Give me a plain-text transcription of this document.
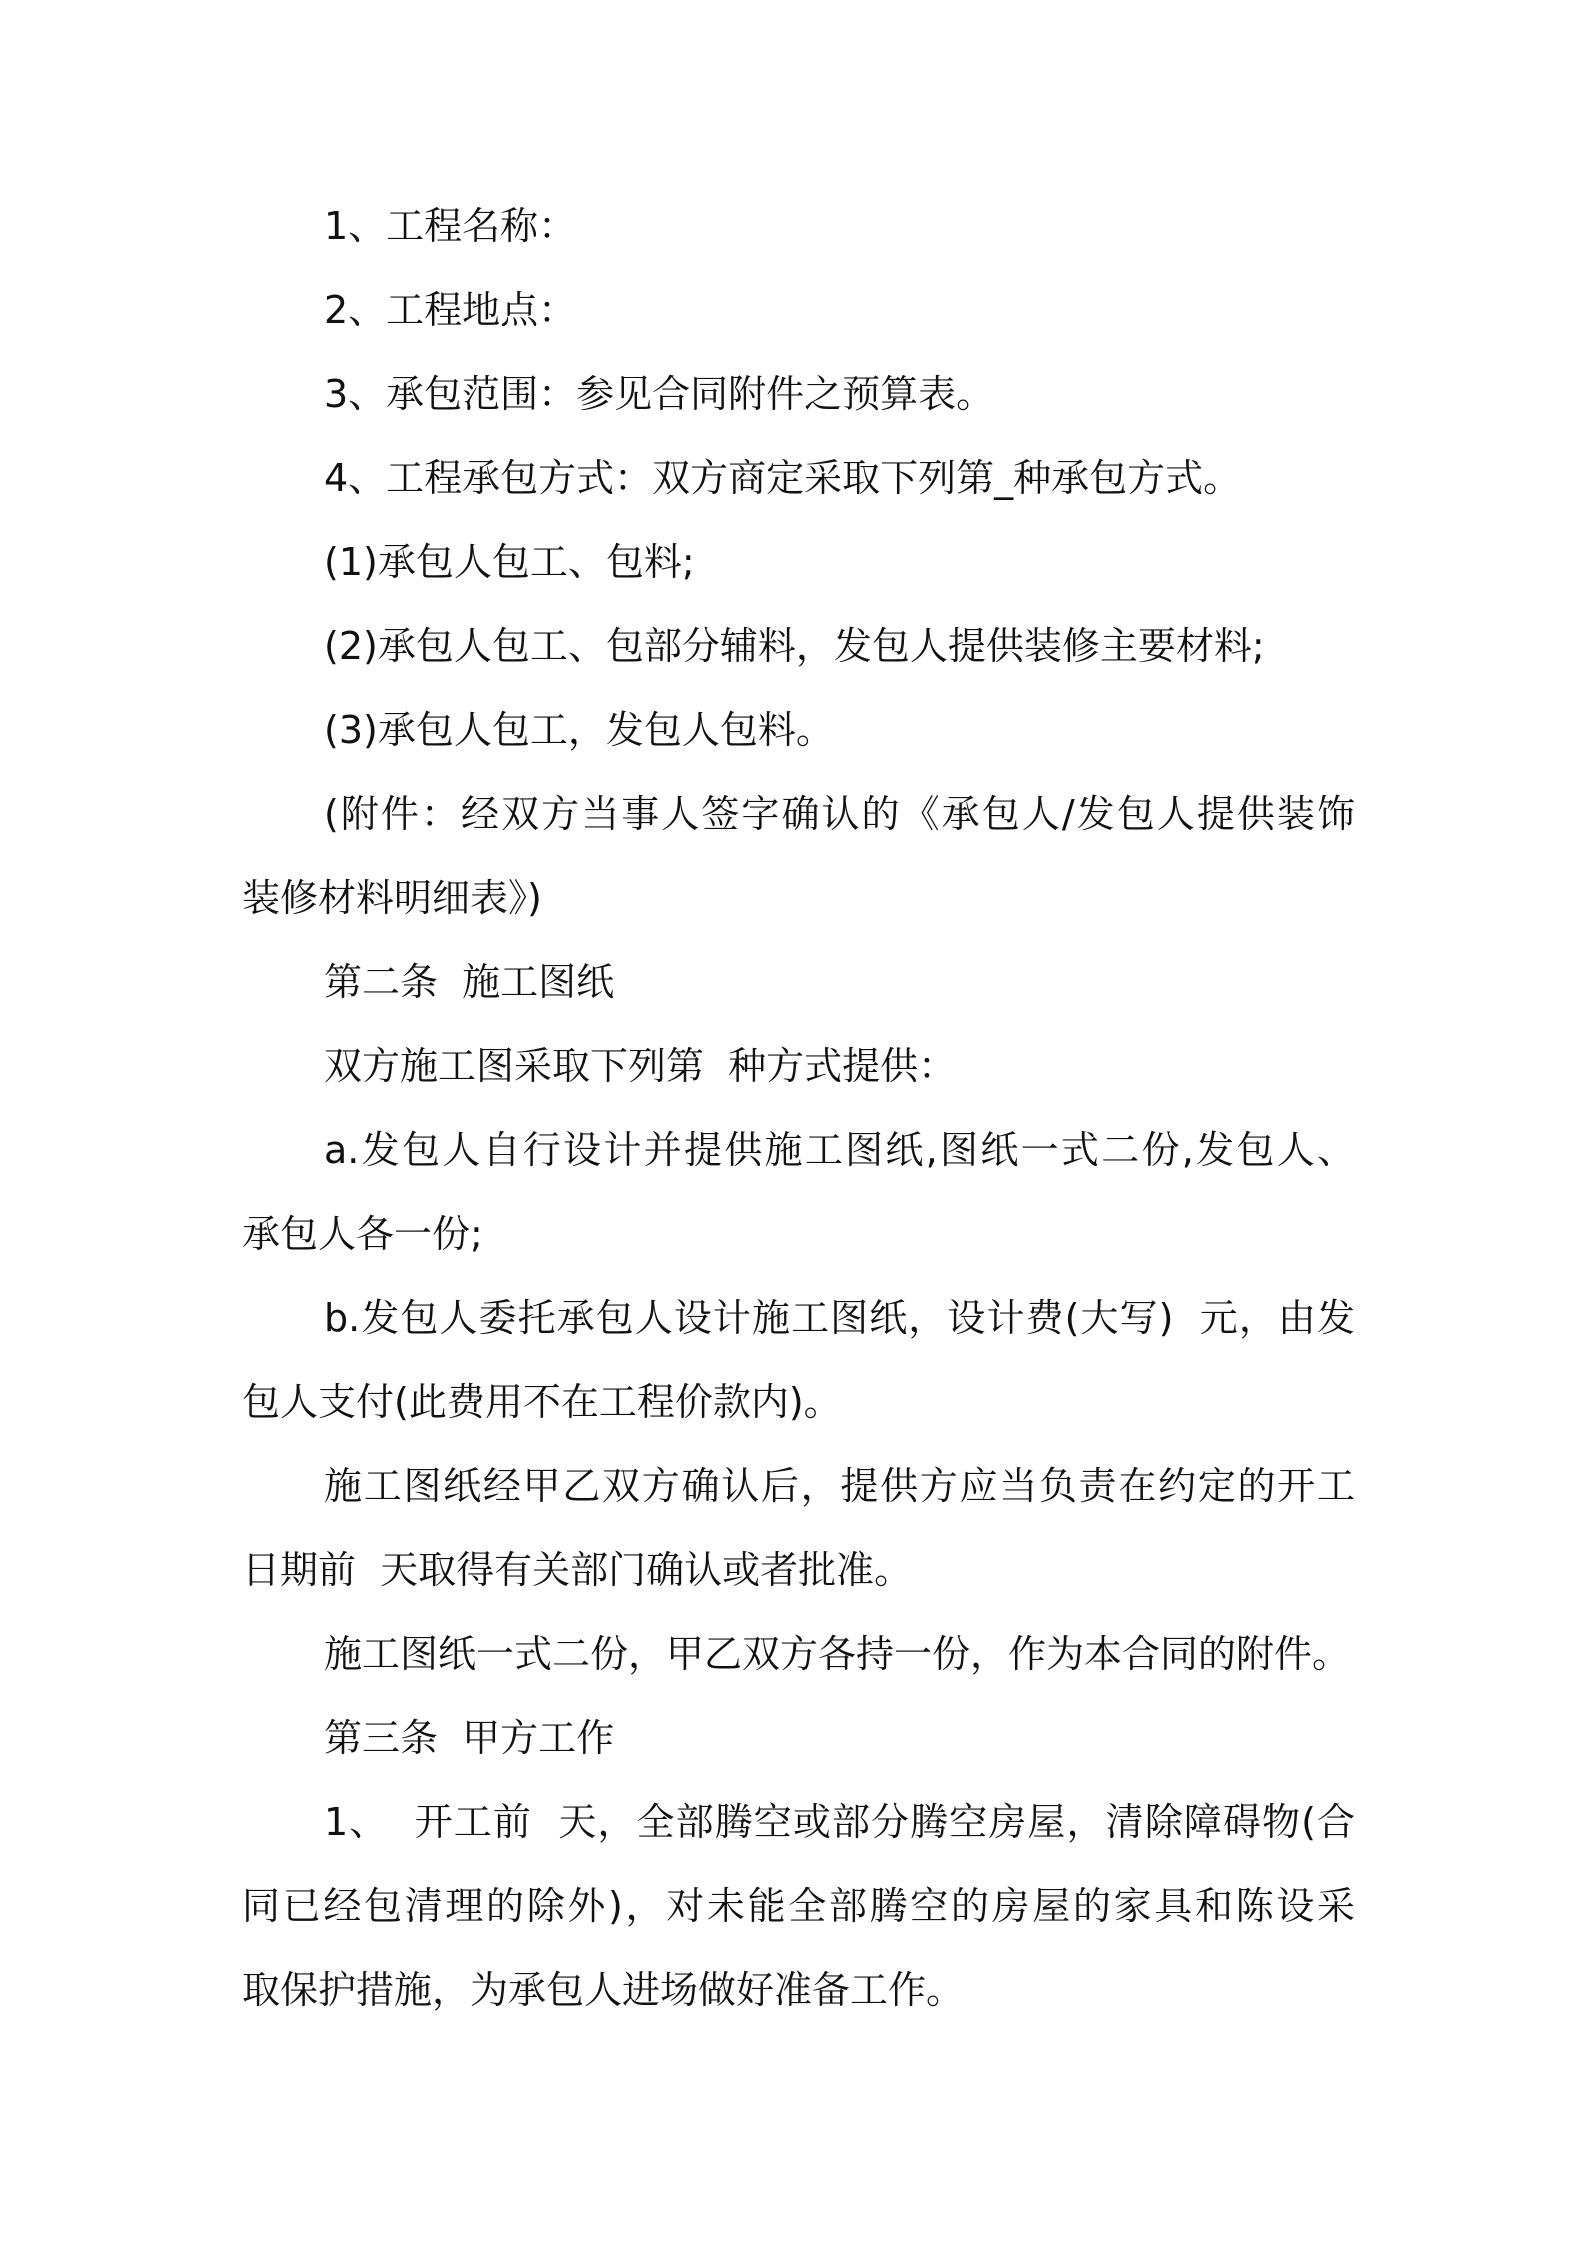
1、工程名称：
2、工程地点：
3、承包范围：参见合同附件之预算表。
4、工程承包方式：双方商定采取下列第_种承包方式。
(1)承包人包工、包料;
(2)承包人包工、包部分辅料，发包人提供装修主要材料;
(3)承包人包工，发包人包料。
(附件：经双方当事人签字确认的《承包人/发包人提供装饰
装修材料明细表》)
第二条  施工图纸
双方施工图采取下列第  种方式提供：
a.发包人自行设计并提供施工图纸,图纸一式二份,发包人、
承包人各一份;
b.发包人委托承包人设计施工图纸，设计费(大写)  元，由发
包人支付(此费用不在工程价款内)。
施工图纸经甲乙双方确认后，提供方应当负责在约定的开工
日期前  天取得有关部门确认或者批准。
施工图纸一式二份，甲乙双方各持一份，作为本合同的附件。
第三条  甲方工作
1、  开工前  天，全部腾空或部分腾空房屋，清除障碍物(合
同已经包清理的除外)，对未能全部腾空的房屋的家具和陈设采
取保护措施，为承包人进场做好准备工作。
